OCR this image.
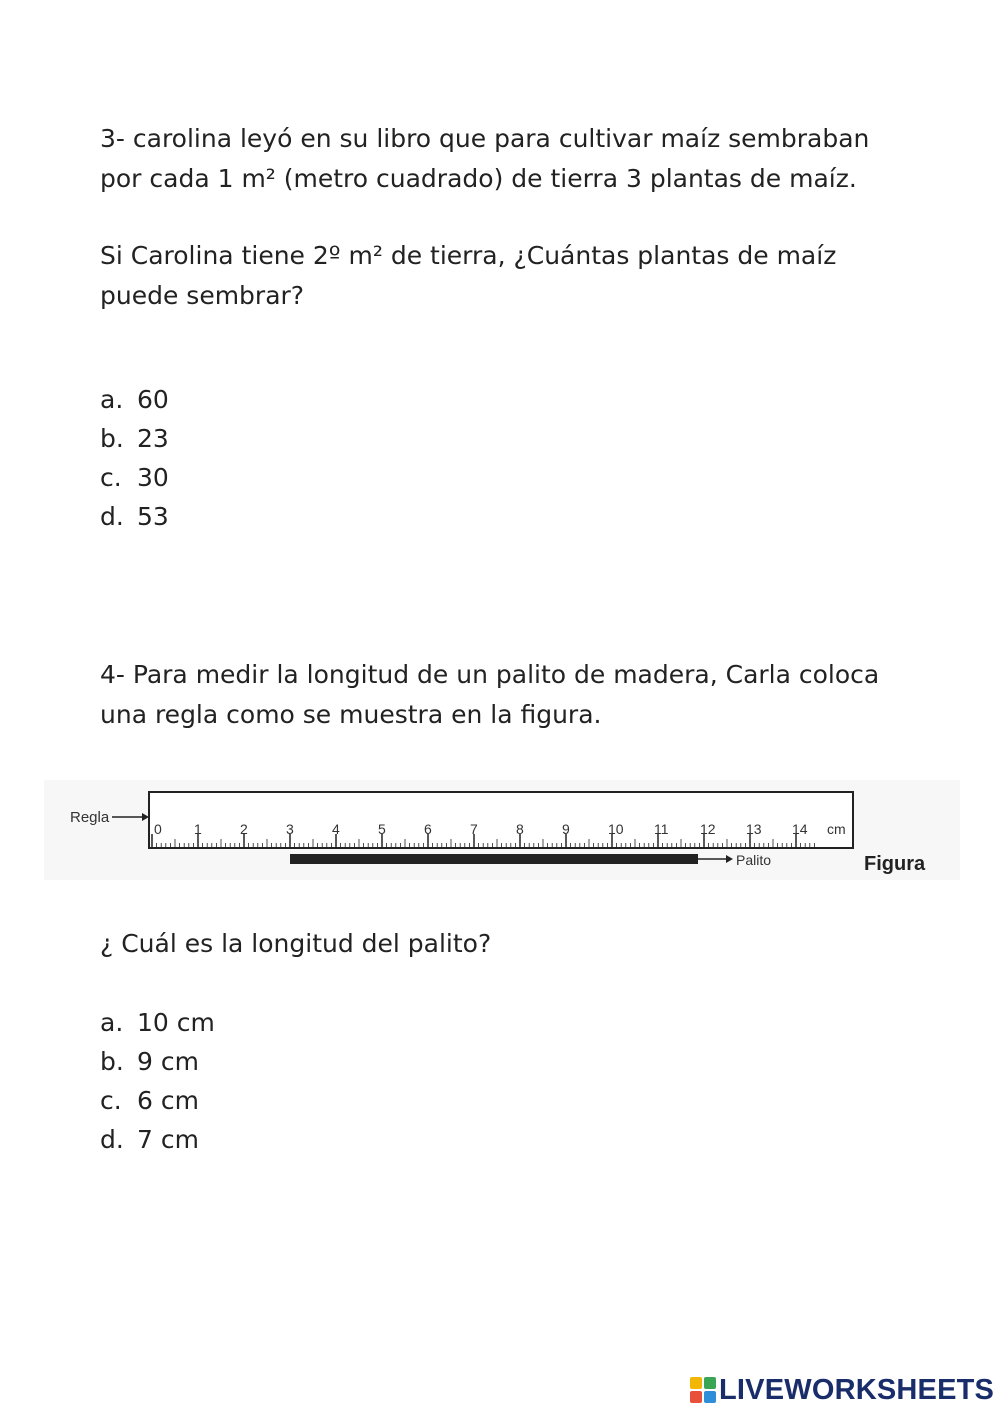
3- carolina leyó en su libro que para cultivar maíz sembraban
por cada 1 m² (metro cuadrado) de tierra 3 plantas de maíz.

Si Carolina tiene 2º m² de tierra, ¿Cuántas plantas de maíz
puede sembrar?

a. 60
b. 23
c. 30
d. 53

4- Para medir la longitud de un palito de madera, Carla coloca
una regla como se muestra en la figura.

Regla
0 1	2	3	4	5	6	7	8	9	10 11 12 13 14 cm
Palito	Figura

¿ Cuál es la longitud del palito?

a. 10 cm
b. 9 cm
c. 6 cm
d. 7 cm
LIVEWORKSHEETS
